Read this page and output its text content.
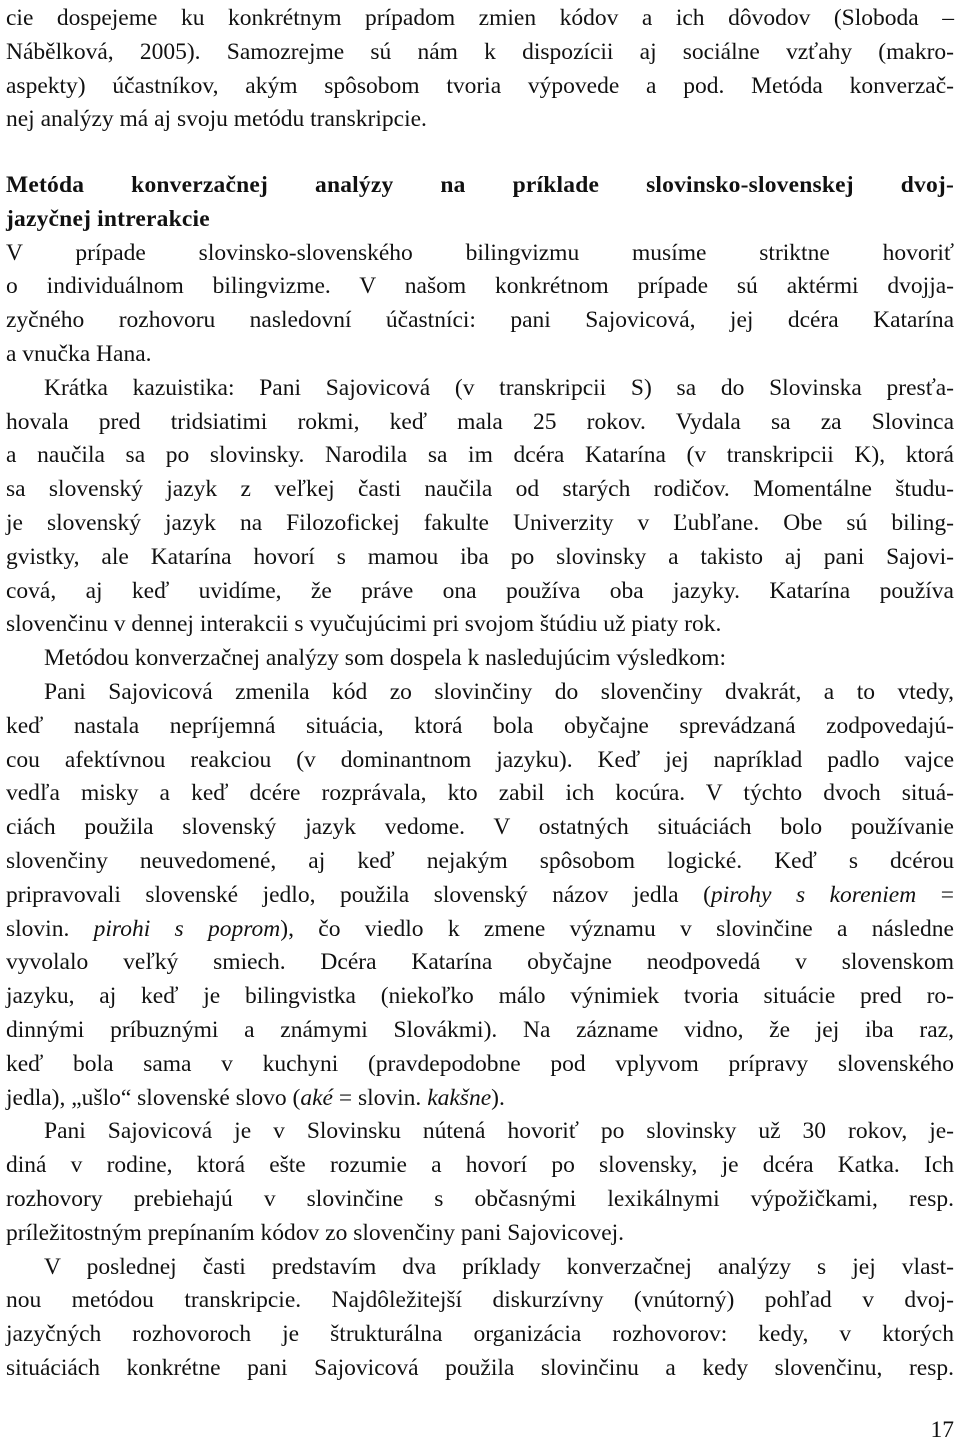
cie dospejeme ku konkrétnym prípadom zmien kódov a ich dôvodov (Sloboda –
Nábělková, 2005). Samozrejme sú nám k dispozícii aj sociálne vzťahy (makro-
aspekty) účastníkov, akým spôsobom tvoria výpovede a pod. Metóda konverzač-
nej analýzy má aj svoju metódu transkripcie.
Metóda konverzačnej analýzy na príklade slovinsko-slovenskej dvoj-
jazyčnej intrerakcie
V prípade slovinsko-slovenského bilingvizmu musíme striktne hovoriť
o individuálnom bilingvizme. V našom konkrétnom prípade sú aktérmi dvojja-
zyčného rozhovoru nasledovní účastníci: pani Sajovicová, jej dcéra Katarína
a vnučka Hana.
Krátka kazuistika: Pani Sajovicová (v transkripcii S) sa do Slovinska presťa-
hovala pred tridsiatimi rokmi, keď mala 25 rokov. Vydala sa za Slovinca
a naučila sa po slovinsky. Narodila sa im dcéra Katarína (v transkripcii K), ktorá
sa slovenský jazyk z veľkej časti naučila od starých rodičov. Momentálne študu-
je slovenský jazyk na Filozofickej fakulte Univerzity v Ľubľane. Obe sú biling-
gvistky, ale Katarína hovorí s mamou iba po slovinsky a takisto aj pani Sajovi-
cová, aj keď uvidíme, že práve ona používa oba jazyky. Katarína používa
slovenčinu v dennej interakcii s vyučujúcimi pri svojom štúdiu už piaty rok.
Metódou konverzačnej analýzy som dospela k nasledujúcim výsledkom:
Pani Sajovicová zmenila kód zo slovinčiny do slovenčiny dvakrát, a to vtedy,
keď nastala nepríjemná situácia, ktorá bola obyčajne sprevádzaná zodpovedajú-
cou afektívnou reakciou (v dominantnom jazyku). Keď jej napríklad padlo vajce
vedľa misky a keď dcére rozprávala, kto zabil ich kocúra. V týchto dvoch situá-
ciách použila slovenský jazyk vedome. V ostatných situáciách bolo používanie
slovenčiny neuvedomené, aj keď nejakým spôsobom logické. Keď s dcérou
pripravovali slovenské jedlo, použila slovenský názov jedla (pirohy s koreniem =
slovin. pirohi s poprom), čo viedlo k zmene významu v slovinčine a následne
vyvolalo veľký smiech. Dcéra Katarína obyčajne neodpovedá v slovenskom
jazyku, aj keď je bilingvistka (niekoľko málo výnimiek tvoria situácie pred ro-
dinnými príbuznými a známymi Slovákmi). Na zázname vidno, že jej iba raz,
keď bola sama v kuchyni (pravdepodobne pod vplyvom prípravy slovenského
jedla), „ušlo“ slovenské slovo (aké = slovin. kakšne).
Pani Sajovicová je v Slovinsku nútená hovoriť po slovinsky už 30 rokov, je-
diná v rodine, ktorá ešte rozumie a hovorí po slovensky, je dcéra Katka. Ich
rozhovory prebiehajú v slovinčine s občasnými lexikálnymi výpožičkami, resp.
príležitostným prepínaním kódov zo slovenčiny pani Sajovicovej.
V poslednej časti predstavím dva príklady konverzačnej analýzy s jej vlast-
nou metódou transkripcie. Najdôležitejší diskurzívny (vnútorný) pohľad v dvoj-
jazyčných rozhovoroch je štrukturálna organizácia rozhovorov: kedy, v ktorých
situáciách konkrétne pani Sajovicová použila slovinčinu a kedy slovenčinu, resp.
17
